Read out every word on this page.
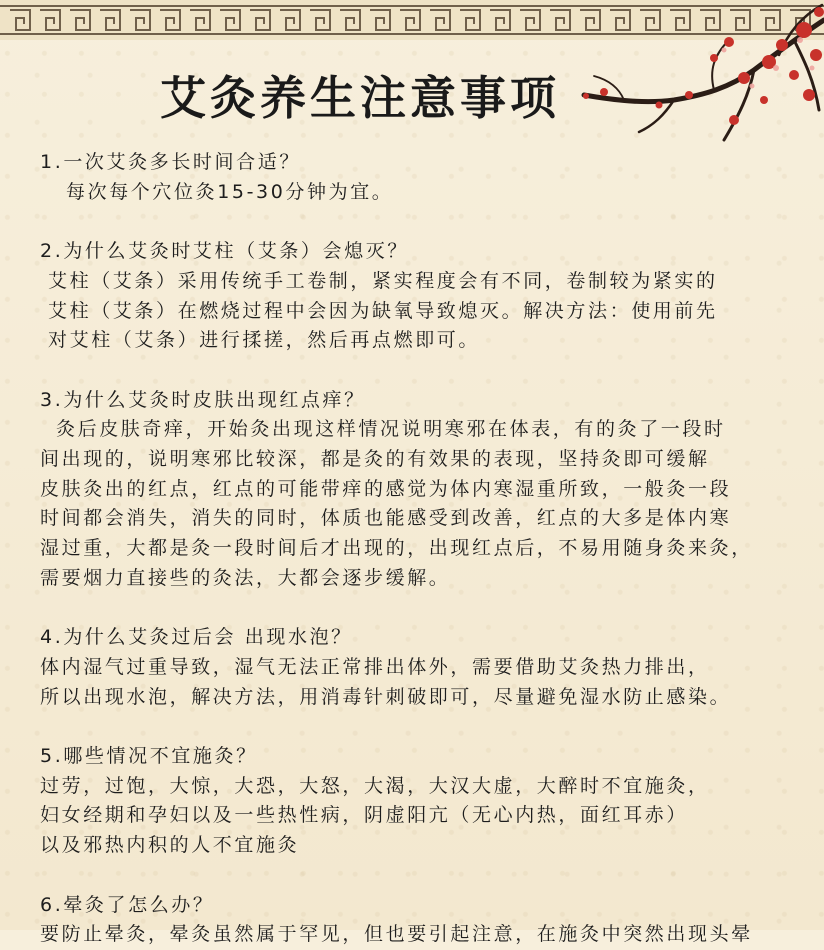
艾灸养生注意事项
1.一次艾灸多长时间合适？
每次每个穴位灸15-30分钟为宜。
2.为什么艾灸时艾柱（艾条）会熄灭？
艾柱（艾条）采用传统手工卷制，紧实程度会有不同，卷制较为紧实的
艾柱（艾条）在燃烧过程中会因为缺氧导致熄灭。解决方法：使用前先
对艾柱（艾条）进行揉搓，然后再点燃即可。
3.为什么艾灸时皮肤出现红点痒？
灸后皮肤奇痒，开始灸出现这样情况说明寒邪在体表，有的灸了一段时
间出现的，说明寒邪比较深，都是灸的有效果的表现，坚持灸即可缓解
皮肤灸出的红点，红点的可能带痒的感觉为体内寒湿重所致，一般灸一段
时间都会消失，消失的同时，体质也能感受到改善，红点的大多是体内寒
湿过重，大都是灸一段时间后才出现的，出现红点后，不易用随身灸来灸，
需要烟力直接些的灸法，大都会逐步缓解。
4.为什么艾灸过后会 出现水泡？
体内湿气过重导致，湿气无法正常排出体外，需要借助艾灸热力排出，
所以出现水泡，解决方法，用消毒针刺破即可，尽量避免湿水防止感染。
5.哪些情况不宜施灸？
过劳，过饱，大惊，大恐，大怒，大渴，大汉大虚，大醉时不宜施灸，
妇女经期和孕妇以及一些热性病，阴虚阳亢（无心内热，面红耳赤）
以及邪热内积的人不宜施灸
6.晕灸了怎么办？
要防止晕灸，晕灸虽然属于罕见，但也要引起注意，在施灸中突然出现头晕
